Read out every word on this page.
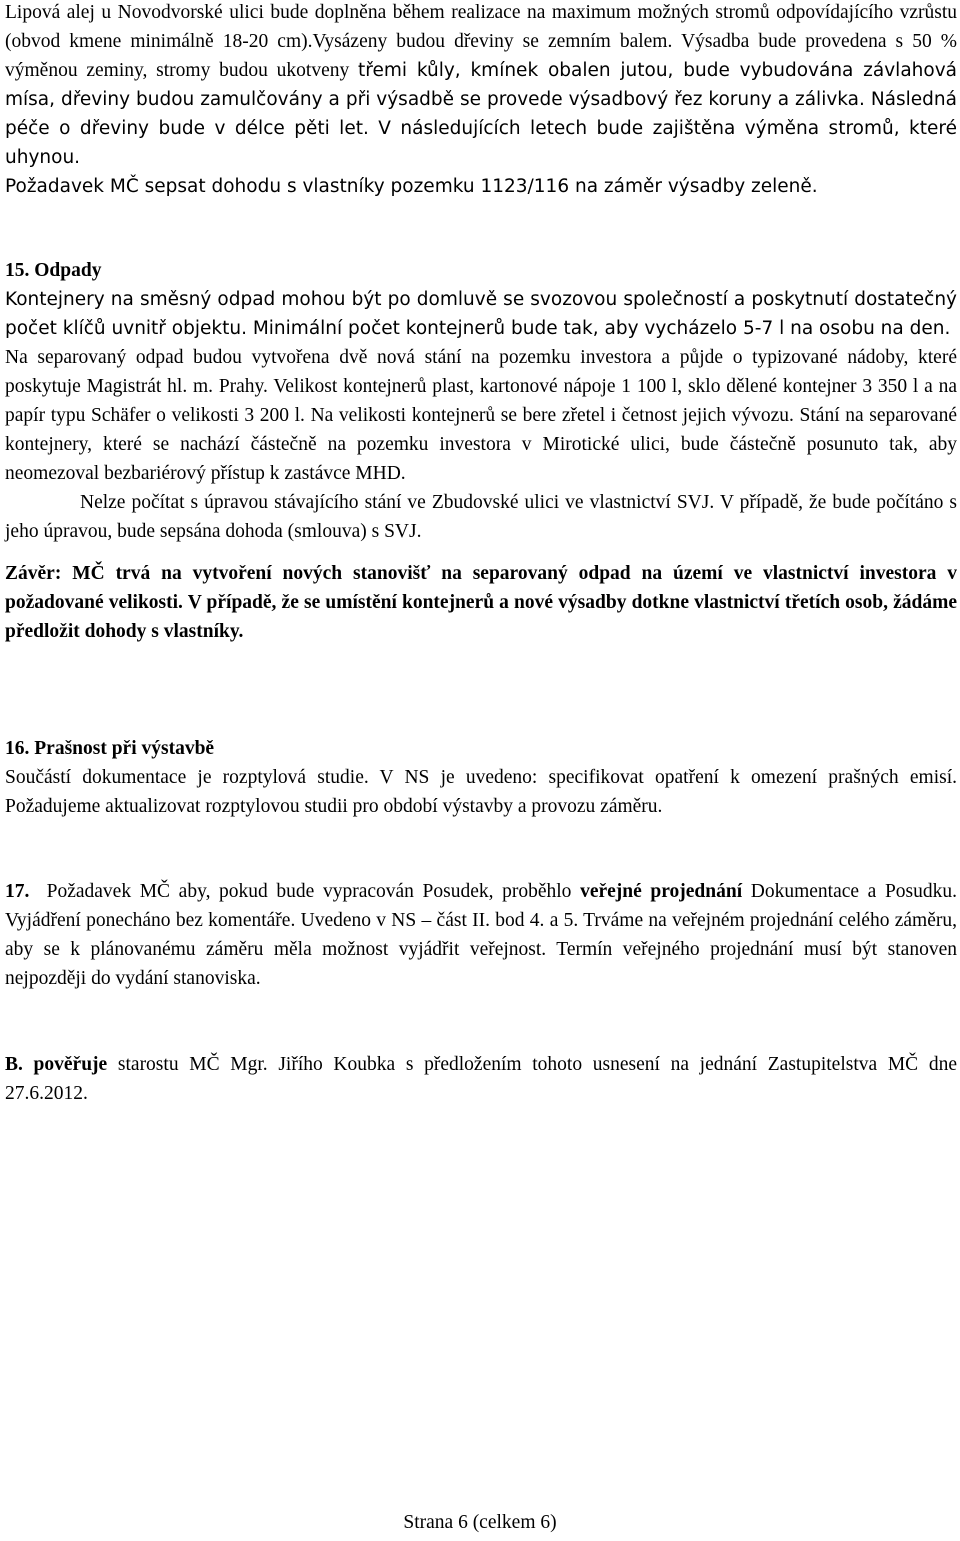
Lipová alej u Novodvorské ulici bude doplněna během realizace na maximum možných stromů odpovídajícího vzrůstu (obvod kmene minimálně 18-20 cm).Vysázeny budou dřeviny se zemním balem. Výsadba bude provedena s 50 % výměnou zeminy, stromy budou ukotveny třemi kůly, kmínek obalen jutou, bude vybudována závlahová mísa, dřeviny budou zamulčovány a při výsadbě se provede výsadbový řez koruny a zálivka. Následná péče o dřeviny bude v délce pěti let. V následujících letech bude zajištěna výměna stromů, které uhynou.

Požadavek MČ sepsat dohodu s vlastníky pozemku 1123/116 na záměr výsadby zeleně.

15. Odpady

Kontejnery na směsný odpad mohou být po domluvě se svozovou společností a poskytnutí dostatečný počet klíčů uvnitř objektu. Minimální počet kontejnerů bude tak, aby vycházelo 5-7 l na osobu na den.

Na separovaný odpad budou vytvořena dvě nová stání na pozemku investora a půjde o typizované nádoby, které poskytuje Magistrát hl. m. Prahy. Velikost kontejnerů plast, kartonové nápoje 1 100 l, sklo dělené kontejner 3 350 l a na papír typu Schäfer o velikosti 3 200 l. Na velikosti kontejnerů se bere zřetel i četnost jejich vývozu. Stání na separované kontejnery, které se nachází částečně na pozemku investora v Mirotické ulici, bude částečně posunuto tak, aby neomezoval bezbariérový přístup k zastávce MHD.

Nelze počítat s úpravou stávajícího stání ve Zbudovské ulici ve vlastnictví SVJ. V případě, že bude počítáno s jeho úpravou, bude sepsána dohoda (smlouva) s SVJ.

Závěr: MČ trvá na vytvoření nových stanovišť na separovaný odpad na území ve vlastnictví investora v požadované velikosti. V případě, že se umístění kontejnerů a nové výsadby dotkne vlastnictví třetích osob, žádáme předložit dohody s vlastníky.

16. Prašnost při výstavbě

Součástí dokumentace je rozptylová studie. V NS je uvedeno: specifikovat opatření k omezení prašných emisí. Požadujeme aktualizovat rozptylovou studii pro období výstavby a provozu záměru.

17. Požadavek MČ aby, pokud bude vypracován Posudek, proběhlo veřejné projednání Dokumentace a Posudku. Vyjádření ponecháno bez komentáře. Uvedeno v NS – část II. bod 4. a 5. Trváme na veřejném projednání celého záměru, aby se k plánovanému záměru měla možnost vyjádřit veřejnost. Termín veřejného projednání musí být stanoven nejpozději do vydání stanoviska.

B. pověřuje starostu MČ Mgr. Jiřího Koubka s předložením tohoto usnesení na jednání Zastupitelstva MČ dne 27.6.2012.

Strana 6 (celkem 6)
